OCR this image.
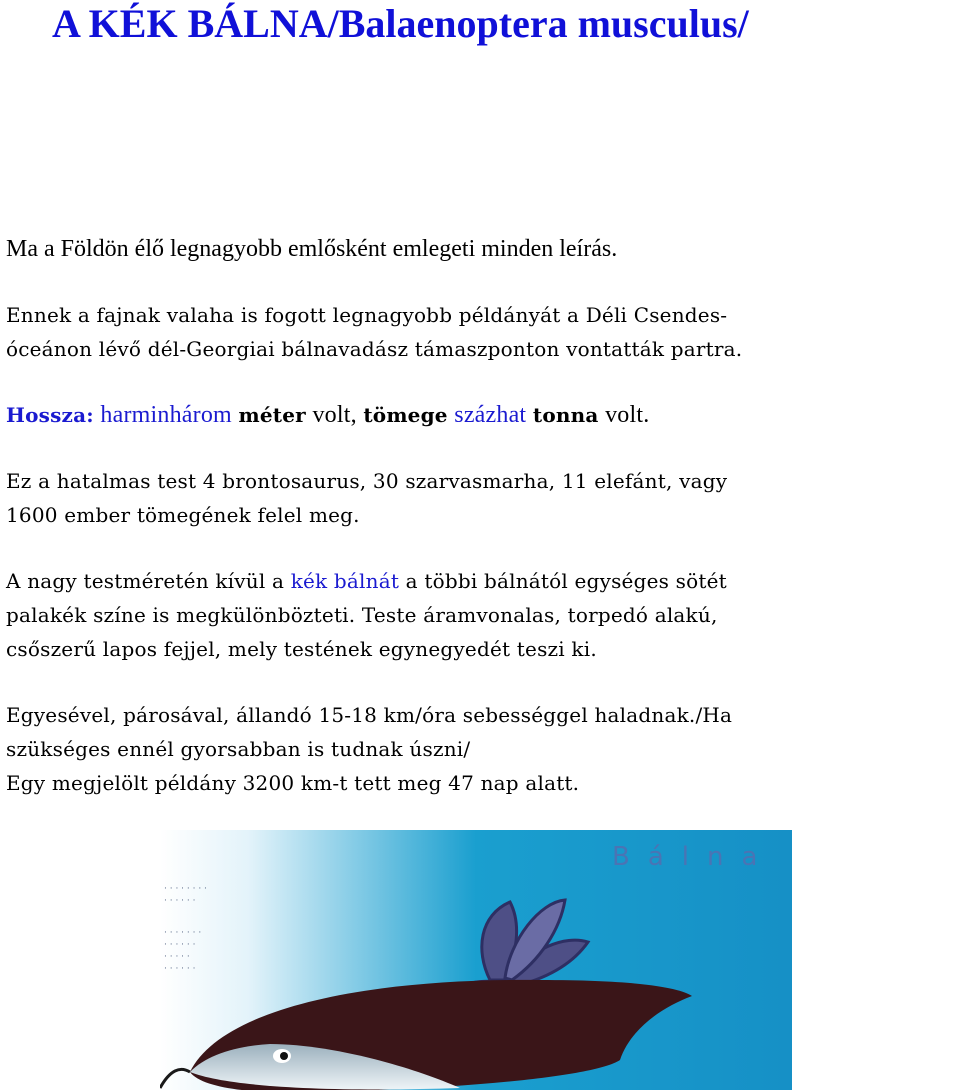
A KÉK BÁLNA/Balaenoptera musculus/

Ma a Földön élő legnagyobb emlősként emlegeti minden leírás.

Ennek a fajnak valaha is fogott legnagyobb példányát a Déli Csendes-
óceánon lévő dél-Georgiai bálnavadász támaszponton vontatták partra.
Hossza: harminhárom méter volt, tömege százhat tonna volt.
Ez a hatalmas test 4 brontosaurus, 30 szarvasmarha, 11 elefánt, vagy
1600 ember tömegének felel meg.
A nagy testméretén kívül a kék bálnát a többi bálnától egységes sötét
palakék színe is megkülönbözteti. Teste áramvonalas, torpedó alakú,
csőszerű lapos fejjel, mely testének egynegyedét teszi ki.
Egyesével, párosával, állandó 15-18 km/óra sebességgel haladnak./Ha
szükséges ennél gyorsabban is tudnak úszni/
Egy megjelölt példány 3200 km-t tett meg 47 nap alatt.

Bálna

· · · · · · · ·

· · · · · ·

· · · · · · ·

· · · · · ·

· · · · ·

· · · · · ·
